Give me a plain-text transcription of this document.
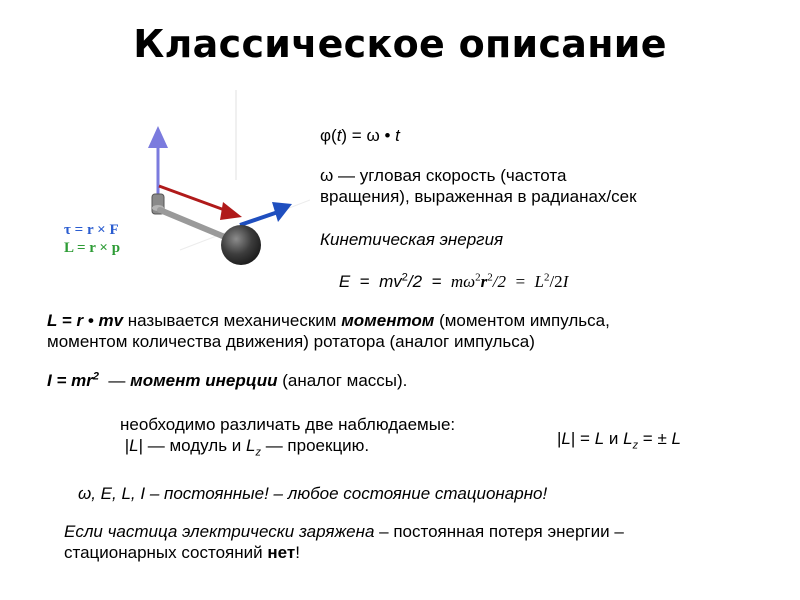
Классическое описание
τ = r × F
L = r × p
φ(t) = ω • t
ω — угловая скорость (частота
вращения), выраженная в радианах/сек
Кинетическая энергия

$E = mv^2/2 = m\omega^2r^2/2 = L^2/2I$

L = r • mv называется механическим моментом (моментом импульса,
моментом количества движения) ротатора (аналог импульса)
$I = mr^2$  — момент инерции (аналог массы).
необходимо различать две наблюдаемые:
|L| — модуль и $L_z$ — проекцию.	|L| = L и $L_z$ = ± L
ω, E, L, I – постоянные! – любое состояние стационарно!
Если частица электрически заряжена – постоянная потеря энергии –
стационарных состояний нет!
